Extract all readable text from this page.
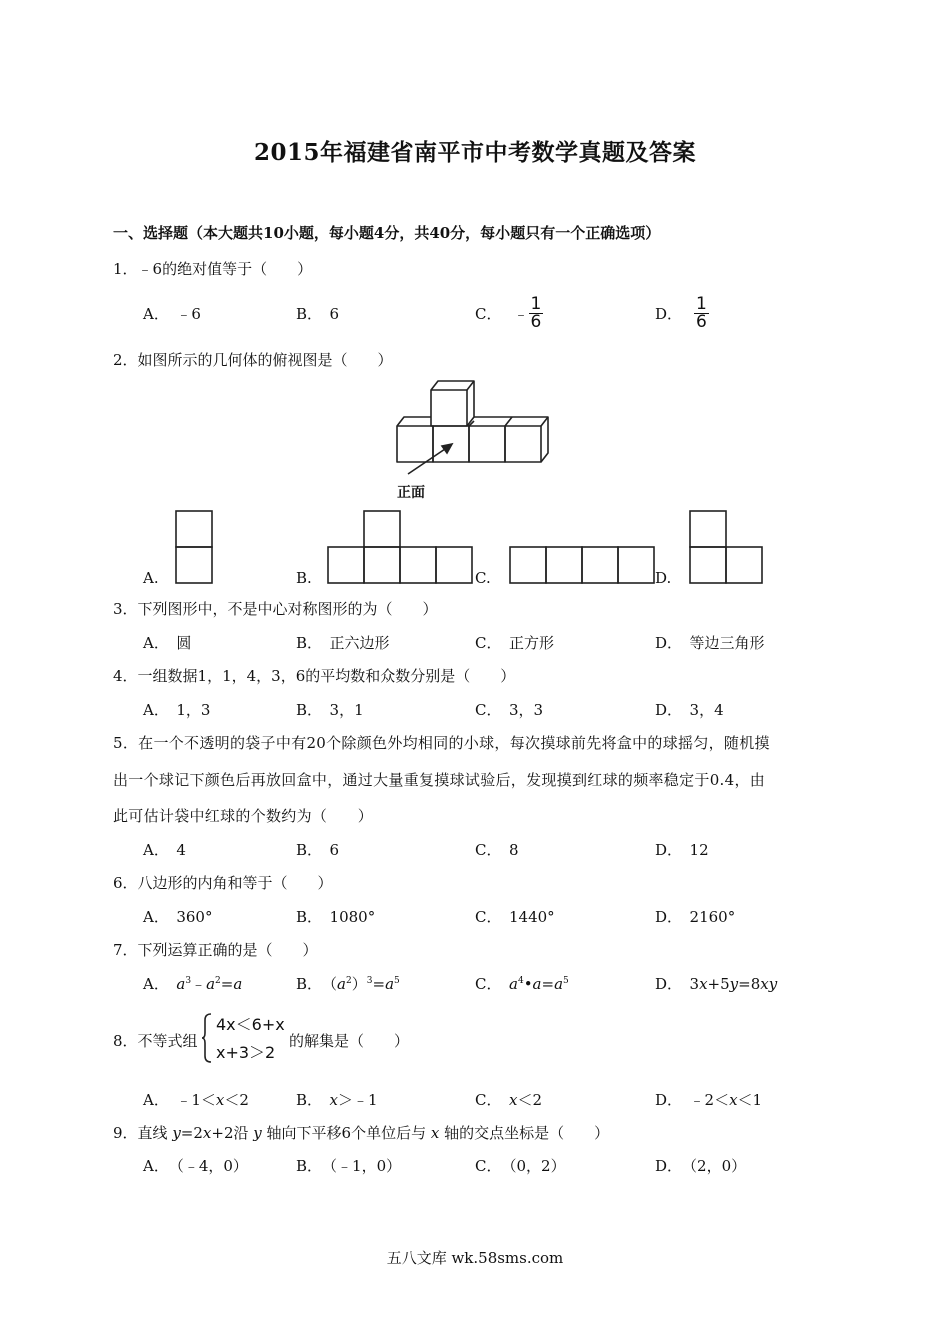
2015年福建省南平市中考数学真题及答案
一、选择题（本大题共10小题，每小题4分，共40分，每小题只有一个正确选项）
1．﹣6的绝对值等于（　　）
A．　﹣6	B．　6	C． ﹣ $\frac{1}{6}$	D． $\frac{1}{6}$
2．如图所示的几何体的俯视图是（　　）
正面
A.	B.	C.	D.
3．下列图形中，不是中心对称图形的为（　　）
A．　圆	B．　正六边形	C．　正方形	D．　等边三角形
4．一组数据1，1，4，3，6的平均数和众数分别是（　　）
A．　1，3	B．　3，1	C．　3，3	D．　3，4
5．在一个不透明的袋子中有20个除颜色外均相同的小球，每次摸球前先将盒中的球摇匀，随机摸
出一个球记下颜色后再放回盒中，通过大量重复摸球试验后，发现摸到红球的频率稳定于0.4，由
此可估计袋中红球的个数约为（　　）
A．　4	B．　6	C．　8	D．　12
6．八边形的内角和等于（　　）
A．　360°	B．　1080°	C．　1440°	D．　2160°
7．下列运算正确的是（　　）
A．　 $a^3﹣a^2=a$	B．　$(a^2)^3=a^5$	C．　 $a^4•a=a^5$	D．　3x+5y=8xy
8．不等式组
4x＜6+x
x+3＞2
的解集是（　　）
A．　﹣1＜x＜2	B．　x＞﹣1	C．　x＜2	D．　﹣2＜x＜1
9．直线 y=2x+2沿 y 轴向下平移6个单位后与 x 轴的交点坐标是（　　）
A．　（﹣4，0）	B．　（﹣1，0）	C．　（0，2）	D．　（2，0）
五八文库 wk.58sms.com
